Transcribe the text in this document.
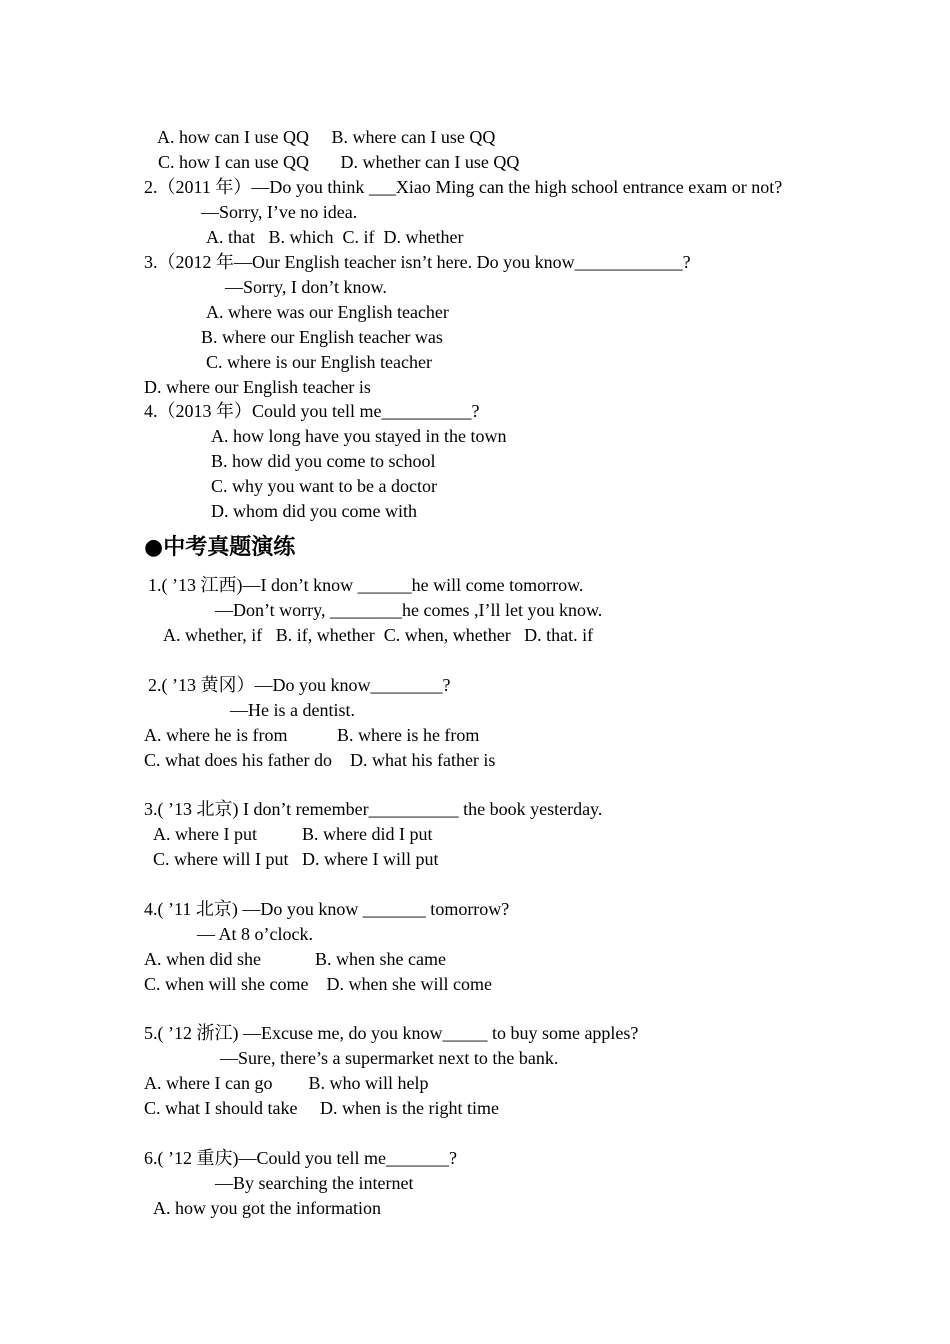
A. how can I use QQ     B. where can I use QQ
C. how I can use QQ       D. whether can I use QQ
2.（2011 年）—Do you think ___Xiao Ming can the high school entrance exam or not?
—Sorry, I’ve no idea.
A. that   B. which  C. if  D. whether
3.（2012 年—Our English teacher isn’t here. Do you know____________?
—Sorry, I don’t know.
A. where was our English teacher
B. where our English teacher was
C. where is our English teacher
D. where our English teacher is
4.（2013 年）Could you tell me__________?
A. how long have you stayed in the town
B. how did you come to school
C. why you want to be a doctor
D. whom did you come with
●中考真题演练
1.( ’13 江西)—I don’t know ______he will come tomorrow.
—Don’t worry, ________he comes ,I’ll let you know.
A. whether, if   B. if, whether  C. when, whether   D. that. if
2.( ’13 黄冈）—Do you know________?
—He is a dentist.
A. where he is from           B. where is he from
C. what does his father do    D. what his father is
3.( ’13 北京) I don’t remember__________ the book yesterday.
A. where I put          B. where did I put
C. where will I put   D. where I will put
4.( ’11 北京) —Do you know _______ tomorrow?
— At 8 o’clock.
A. when did she            B. when she came
C. when will she come    D. when she will come
5.( ’12 浙江) —Excuse me, do you know_____ to buy some apples?
—Sure, there’s a supermarket next to the bank.
A. where I can go        B. who will help
C. what I should take     D. when is the right time
6.( ’12 重庆)—Could you tell me_______?
—By searching the internet
A. how you got the information
